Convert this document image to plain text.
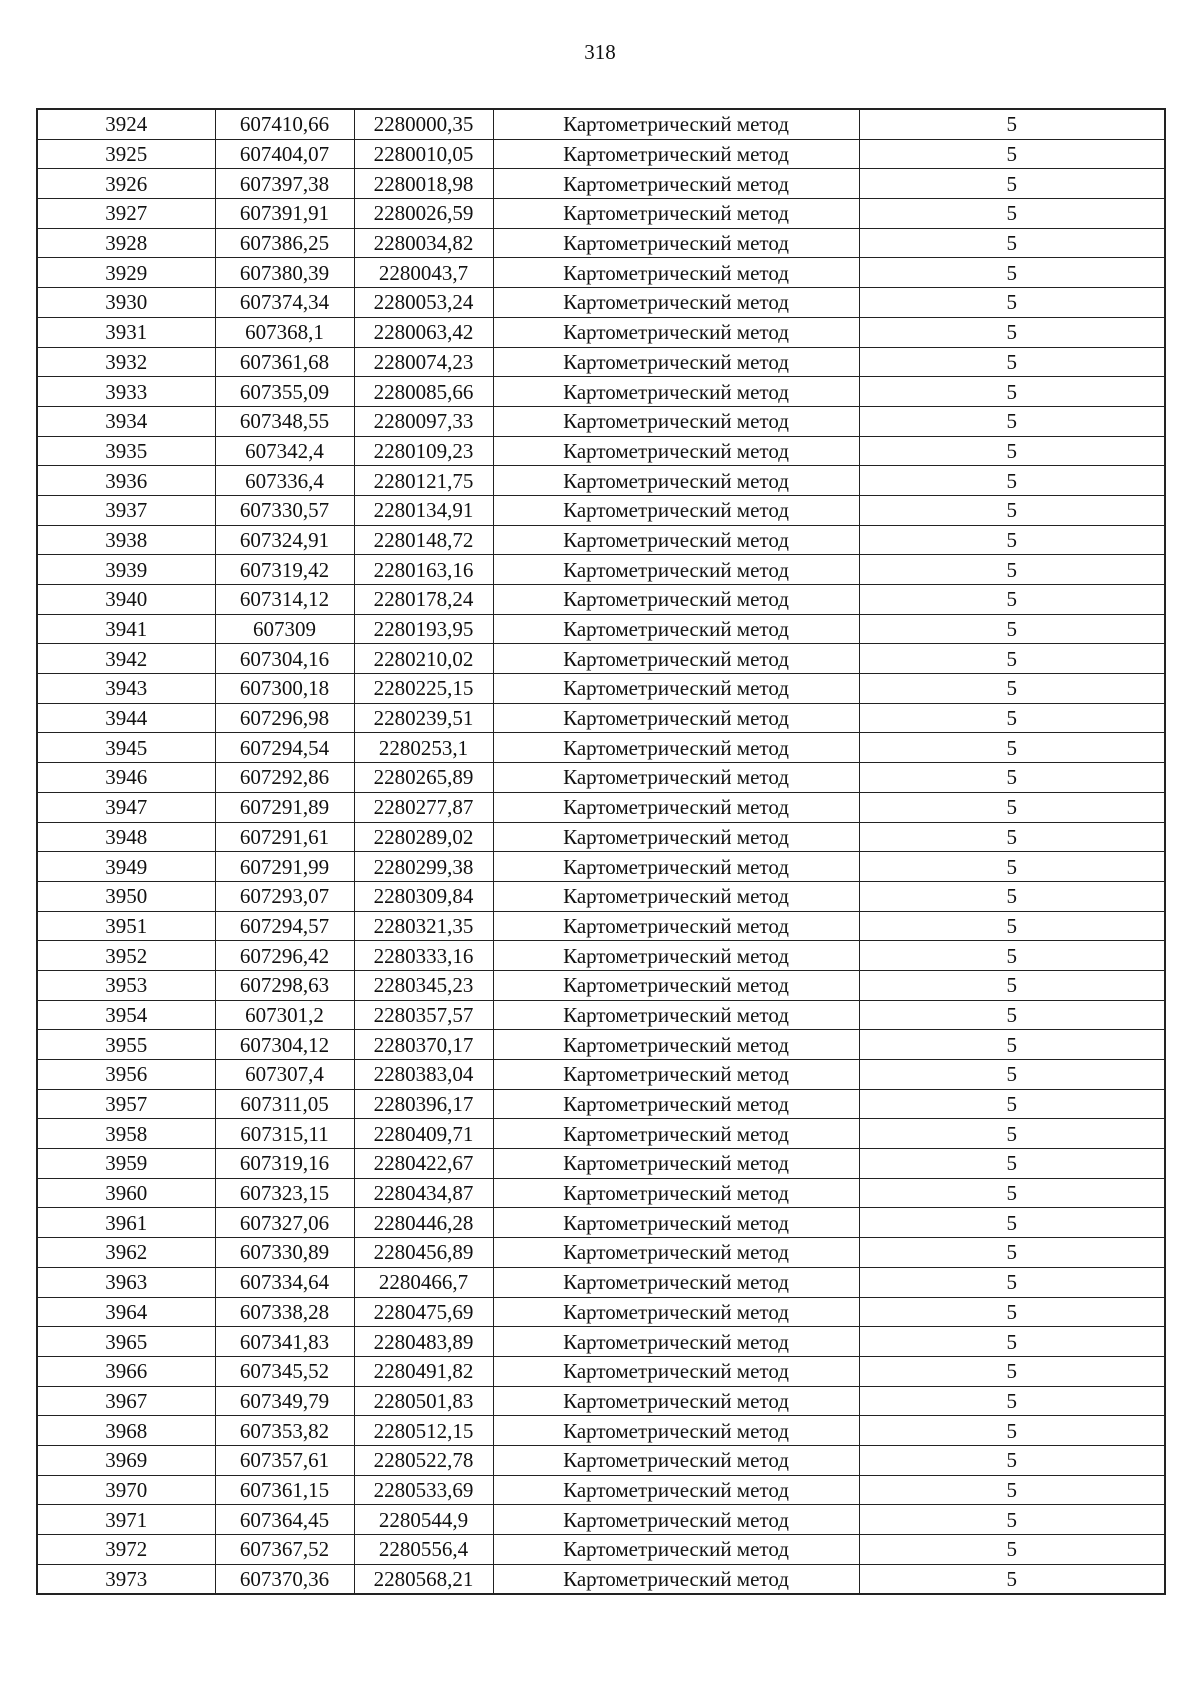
318
3924	607410,66	2280000,35	Картометрический метод	5
3925	607404,07	2280010,05	Картометрический метод	5
3926	607397,38	2280018,98	Картометрический метод	5
3927	607391,91	2280026,59	Картометрический метод	5
3928	607386,25	2280034,82	Картометрический метод	5
3929	607380,39	2280043,7	Картометрический метод	5
3930	607374,34	2280053,24	Картометрический метод	5
3931	607368,1	2280063,42	Картометрический метод	5
3932	607361,68	2280074,23	Картометрический метод	5
3933	607355,09	2280085,66	Картометрический метод	5
3934	607348,55	2280097,33	Картометрический метод	5
3935	607342,4	2280109,23	Картометрический метод	5
3936	607336,4	2280121,75	Картометрический метод	5
3937	607330,57	2280134,91	Картометрический метод	5
3938	607324,91	2280148,72	Картометрический метод	5
3939	607319,42	2280163,16	Картометрический метод	5
3940	607314,12	2280178,24	Картометрический метод	5
3941	607309	2280193,95	Картометрический метод	5
3942	607304,16	2280210,02	Картометрический метод	5
3943	607300,18	2280225,15	Картометрический метод	5
3944	607296,98	2280239,51	Картометрический метод	5
3945	607294,54	2280253,1	Картометрический метод	5
3946	607292,86	2280265,89	Картометрический метод	5
3947	607291,89	2280277,87	Картометрический метод	5
3948	607291,61	2280289,02	Картометрический метод	5
3949	607291,99	2280299,38	Картометрический метод	5
3950	607293,07	2280309,84	Картометрический метод	5
3951	607294,57	2280321,35	Картометрический метод	5
3952	607296,42	2280333,16	Картометрический метод	5
3953	607298,63	2280345,23	Картометрический метод	5
3954	607301,2	2280357,57	Картометрический метод	5
3955	607304,12	2280370,17	Картометрический метод	5
3956	607307,4	2280383,04	Картометрический метод	5
3957	607311,05	2280396,17	Картометрический метод	5
3958	607315,11	2280409,71	Картометрический метод	5
3959	607319,16	2280422,67	Картометрический метод	5
3960	607323,15	2280434,87	Картометрический метод	5
3961	607327,06	2280446,28	Картометрический метод	5
3962	607330,89	2280456,89	Картометрический метод	5
3963	607334,64	2280466,7	Картометрический метод	5
3964	607338,28	2280475,69	Картометрический метод	5
3965	607341,83	2280483,89	Картометрический метод	5
3966	607345,52	2280491,82	Картометрический метод	5
3967	607349,79	2280501,83	Картометрический метод	5
3968	607353,82	2280512,15	Картометрический метод	5
3969	607357,61	2280522,78	Картометрический метод	5
3970	607361,15	2280533,69	Картометрический метод	5
3971	607364,45	2280544,9	Картометрический метод	5
3972	607367,52	2280556,4	Картометрический метод	5
3973	607370,36	2280568,21	Картометрический метод	5
